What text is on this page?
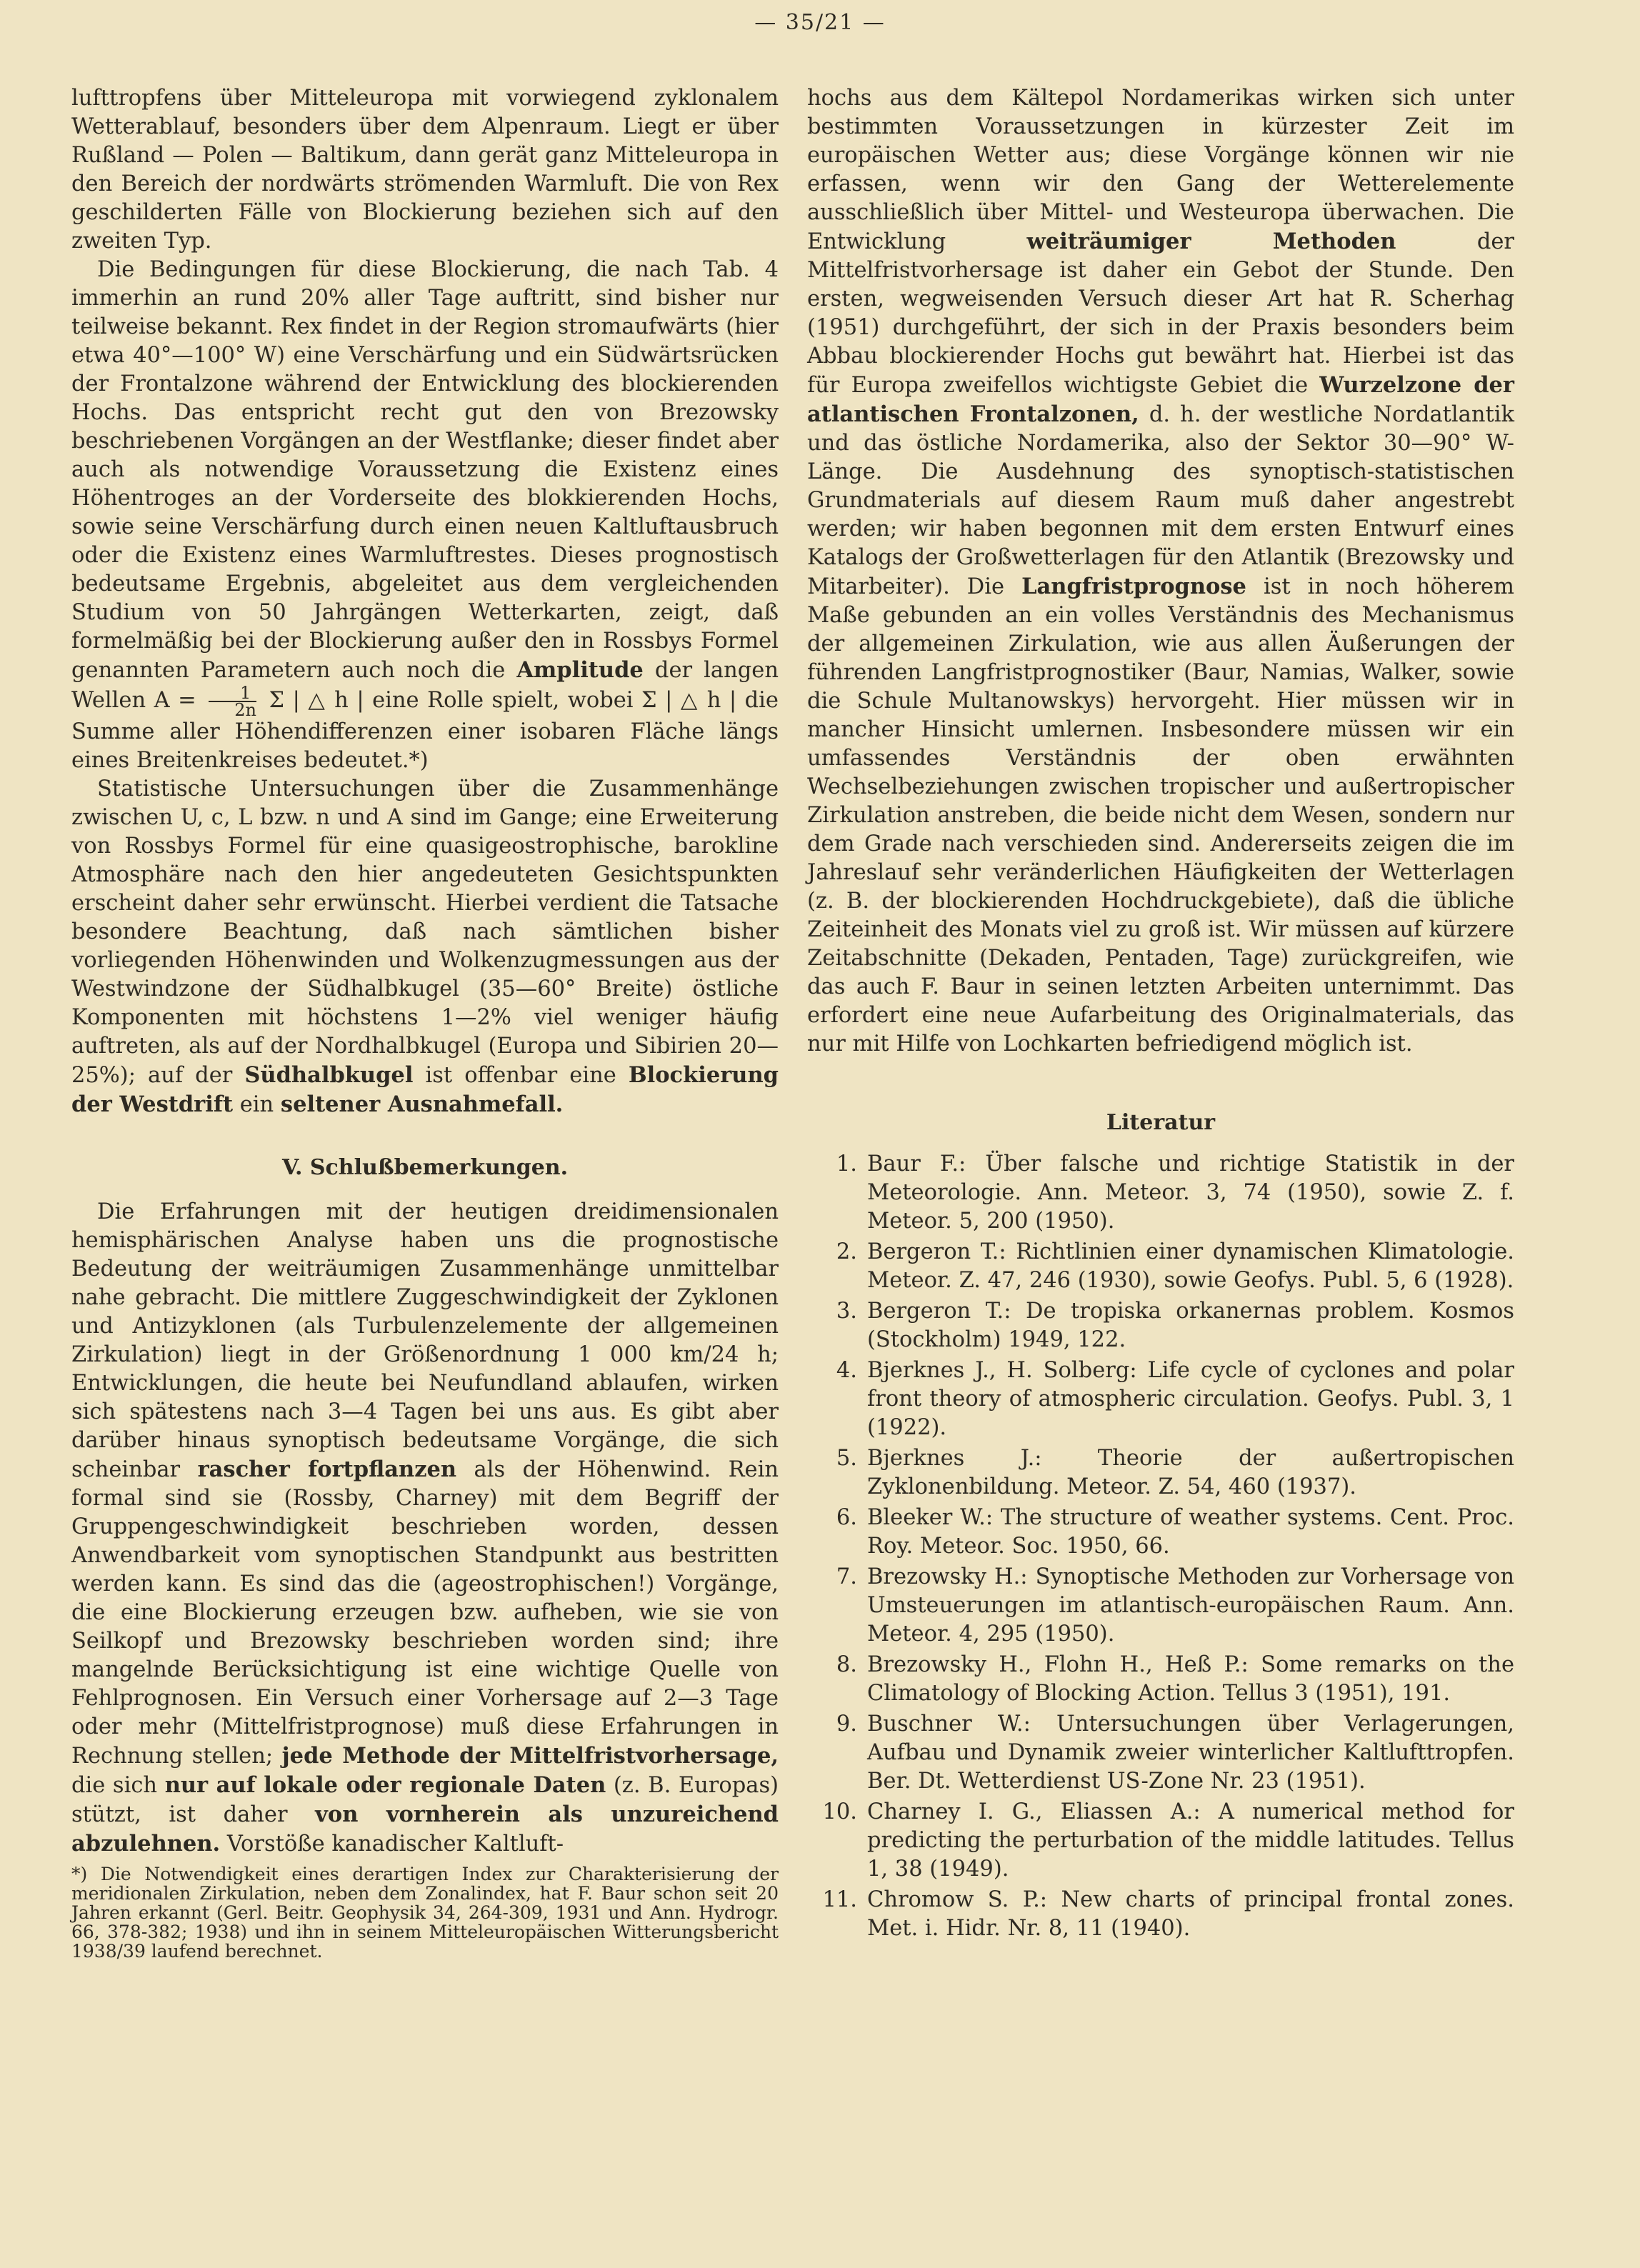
— 35/21 —

lufttropfens über Mitteleuropa mit vorwiegend zyklonalem Wetterablauf, besonders über dem Alpenraum. Liegt er über Rußland — Polen — Baltikum, dann gerät ganz Mitteleuropa in den Bereich der nordwärts strömenden Warmluft. Die von Rex geschilderten Fälle von Blockierung beziehen sich auf den zweiten Typ.

Die Bedingungen für diese Blockierung, die nach Tab. 4 immerhin an rund 20% aller Tage auftritt, sind bisher nur teilweise bekannt. Rex findet in der Region stromaufwärts (hier etwa 40°—100° W) eine Verschärfung und ein Südwärtsrücken der Frontalzone während der Entwicklung des blockierenden Hochs. Das entspricht recht gut den von Brezowsky beschriebenen Vorgängen an der Westflanke; dieser findet aber auch als notwendige Voraussetzung die Existenz eines Höhentroges an der Vorderseite des blokkierenden Hochs, sowie seine Verschärfung durch einen neuen Kaltluftausbruch oder die Existenz eines Warmluftrestes. Dieses prognostisch bedeutsame Ergebnis, abgeleitet aus dem vergleichenden Studium von 50 Jahrgängen Wetterkarten, zeigt, daß formelmäßig bei der Blockierung außer den in Rossbys Formel genannten Parametern auch noch die Amplitude der langen Wellen $A = \frac{1}{2n}$ Σ | △ h | eine Rolle spielt, wobei Σ | △ h | die Summe aller Höhendifferenzen einer isobaren Fläche längs eines Breitenkreises bedeutet.*)

Statistische Untersuchungen über die Zusammenhänge zwischen U, c, L bzw. n und A sind im Gange; eine Erweiterung von Rossbys Formel für eine quasigeostrophische, barokline Atmosphäre nach den hier angedeuteten Gesichtspunkten erscheint daher sehr erwünscht. Hierbei verdient die Tatsache besondere Beachtung, daß nach sämtlichen bisher vorliegenden Höhenwinden und Wolkenzugmessungen aus der Westwindzone der Südhalbkugel (35—60° Breite) östliche Komponenten mit höchstens 1—2% viel weniger häufig auftreten, als auf der Nordhalbkugel (Europa und Sibirien 20—25%); auf der Südhalbkugel ist offenbar eine Blockierung der Westdrift ein seltener Ausnahmefall.

V. Schlußbemerkungen.

Die Erfahrungen mit der heutigen dreidimensionalen hemisphärischen Analyse haben uns die prognostische Bedeutung der weiträumigen Zusammenhänge unmittelbar nahe gebracht. Die mittlere Zuggeschwindigkeit der Zyklonen und Antizyklonen (als Turbulenzelemente der allgemeinen Zirkulation) liegt in der Größenordnung 1 000 km/24 h; Entwicklungen, die heute bei Neufundland ablaufen, wirken sich spätestens nach 3—4 Tagen bei uns aus. Es gibt aber darüber hinaus synoptisch bedeutsame Vorgänge, die sich scheinbar rascher fortpflanzen als der Höhenwind. Rein formal sind sie (Rossby, Charney) mit dem Begriff der Gruppengeschwindigkeit beschrieben worden, dessen Anwendbarkeit vom synoptischen Standpunkt aus bestritten werden kann. Es sind das die (ageostrophischen!) Vorgänge, die eine Blockierung erzeugen bzw. aufheben, wie sie von Seilkopf und Brezowsky beschrieben worden sind; ihre mangelnde Berücksichtigung ist eine wichtige Quelle von Fehlprognosen. Ein Versuch einer Vorhersage auf 2—3 Tage oder mehr (Mittelfristprognose) muß diese Erfahrungen in Rechnung stellen; jede Methode der Mittelfristvorhersage, die sich nur auf lokale oder regionale Daten (z. B. Europas) stützt, ist daher von vornherein als unzureichend abzulehnen. Vorstöße kanadischer Kaltluft-

*) Die Notwendigkeit eines derartigen Index zur Charakterisierung der meridionalen Zirkulation, neben dem Zonalindex, hat F. Baur schon seit 20 Jahren erkannt (Gerl. Beitr. Geophysik 34, 264-309, 1931 und Ann. Hydrogr. 66, 378-382; 1938) und ihn in seinem Mitteleuropäischen Witterungsbericht 1938/39 laufend berechnet.

hochs aus dem Kältepol Nordamerikas wirken sich unter bestimmten Voraussetzungen in kürzester Zeit im europäischen Wetter aus; diese Vorgänge können wir nie erfassen, wenn wir den Gang der Wetterelemente ausschließlich über Mittel- und Westeuropa überwachen. Die Entwicklung	weiträumiger Methoden	der Mittelfristvorhersage ist daher ein Gebot der Stunde. Den ersten, wegweisenden Versuch dieser Art hat R. Scherhag (1951) durchgeführt, der sich in der Praxis besonders beim Abbau blockierender Hochs gut bewährt hat. Hierbei ist das für Europa zweifellos wichtigste Gebiet die Wurzelzone der atlantischen Frontalzonen, d. h. der westliche Nordatlantik und das östliche Nordamerika, also der Sektor 30—90° W-Länge. Die Ausdehnung des synoptisch-statistischen Grundmaterials auf diesem Raum muß daher angestrebt werden; wir haben begonnen mit dem ersten Entwurf eines Katalogs der Großwetterlagen für den Atlantik (Brezowsky und Mitarbeiter). Die Langfristprognose ist in noch höherem Maße gebunden an ein volles Verständnis des Mechanismus der allgemeinen Zirkulation, wie aus allen Äußerungen der führenden Langfristprognostiker (Baur, Namias, Walker, sowie die Schule Multanowskys) hervorgeht. Hier müssen wir in mancher Hinsicht umlernen. Insbesondere müssen wir ein umfassendes Verständnis der oben erwähnten Wechselbeziehungen zwischen tropischer und außertropischer Zirkulation anstreben, die beide nicht dem Wesen, sondern nur dem Grade nach verschieden sind. Andererseits zeigen die im Jahreslauf sehr veränderlichen Häufigkeiten der Wetterlagen (z. B. der blockierenden Hochdruckgebiete), daß die übliche Zeiteinheit des Monats viel zu groß ist. Wir müssen auf kürzere Zeitabschnitte (Dekaden, Pentaden, Tage) zurückgreifen, wie das auch F. Baur in seinen letzten Arbeiten unternimmt. Das erfordert eine neue Aufarbeitung des Originalmaterials, das nur mit Hilfe von Lochkarten befriedigend möglich ist.

Literatur
1. Baur F.: Über falsche und richtige Statistik in der Meteorologie. Ann. Meteor. 3, 74 (1950), sowie Z. f. Meteor. 5, 200 (1950).
2. Bergeron T.: Richtlinien einer dynamischen Klimatologie. Meteor. Z. 47, 246 (1930), sowie Geofys. Publ. 5, 6 (1928).
3. Bergeron T.: De tropiska orkanernas problem. Kosmos (Stockholm) 1949, 122.
4. Bjerknes J., H. Solberg: Life cycle of cyclones and polar front theory of atmospheric circulation. Geofys. Publ. 3, 1 (1922).
5. Bjerknes J.: Theorie der außertropischen Zyklonenbildung. Meteor. Z. 54, 460 (1937).
6. Bleeker W.: The structure of weather systems. Cent. Proc. Roy. Meteor. Soc. 1950, 66.
7. Brezowsky H.: Synoptische Methoden zur Vorhersage von Umsteuerungen im atlantisch-europäischen Raum. Ann. Meteor. 4, 295 (1950).
8. Brezowsky H., Flohn H., Heß P.: Some remarks on the Climatology of Blocking Action. Tellus 3 (1951), 191.
9. Buschner W.: Untersuchungen über Verlagerungen, Aufbau und Dynamik zweier winterlicher Kaltlufttropfen. Ber. Dt. Wetterdienst US-Zone Nr. 23 (1951).
10. Charney I. G., Eliassen A.: A numerical method for predicting the perturbation of the middle latitudes. Tellus 1, 38 (1949).
11. Chromow S. P.: New charts of principal frontal zones. Met. i. Hidr. Nr. 8, 11 (1940).
